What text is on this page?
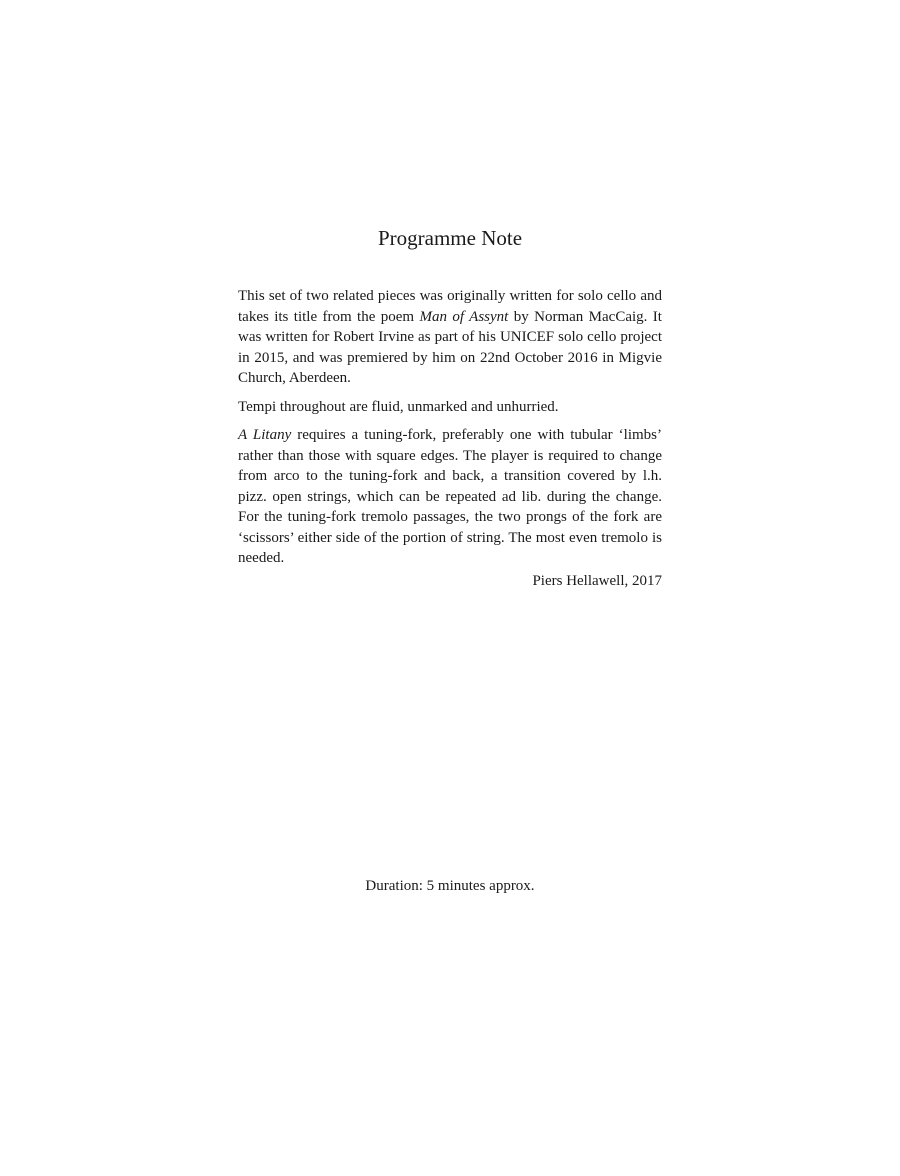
Programme Note

This set of two related pieces was originally written for solo cello and takes its title from the poem Man of Assynt by Norman MacCaig. It was written for Robert Irvine as part of his UNICEF solo cello project in 2015, and was premiered by him on 22nd October 2016 in Migvie Church, Aberdeen.

Tempi throughout are fluid, unmarked and unhurried.

A Litany requires a tuning-fork, preferably one with tubular ‘limbs’ rather than those with square edges. The player is required to change from arco to the tuning-fork and back, a transition covered by l.h. pizz. open strings, which can be repeated ad lib. during the change. For the tuning-fork tremolo passages, the two prongs of the fork are ‘scissors’ either side of the portion of string. The most even tremolo is needed.

Piers Hellawell, 2017
Duration: 5 minutes approx.
